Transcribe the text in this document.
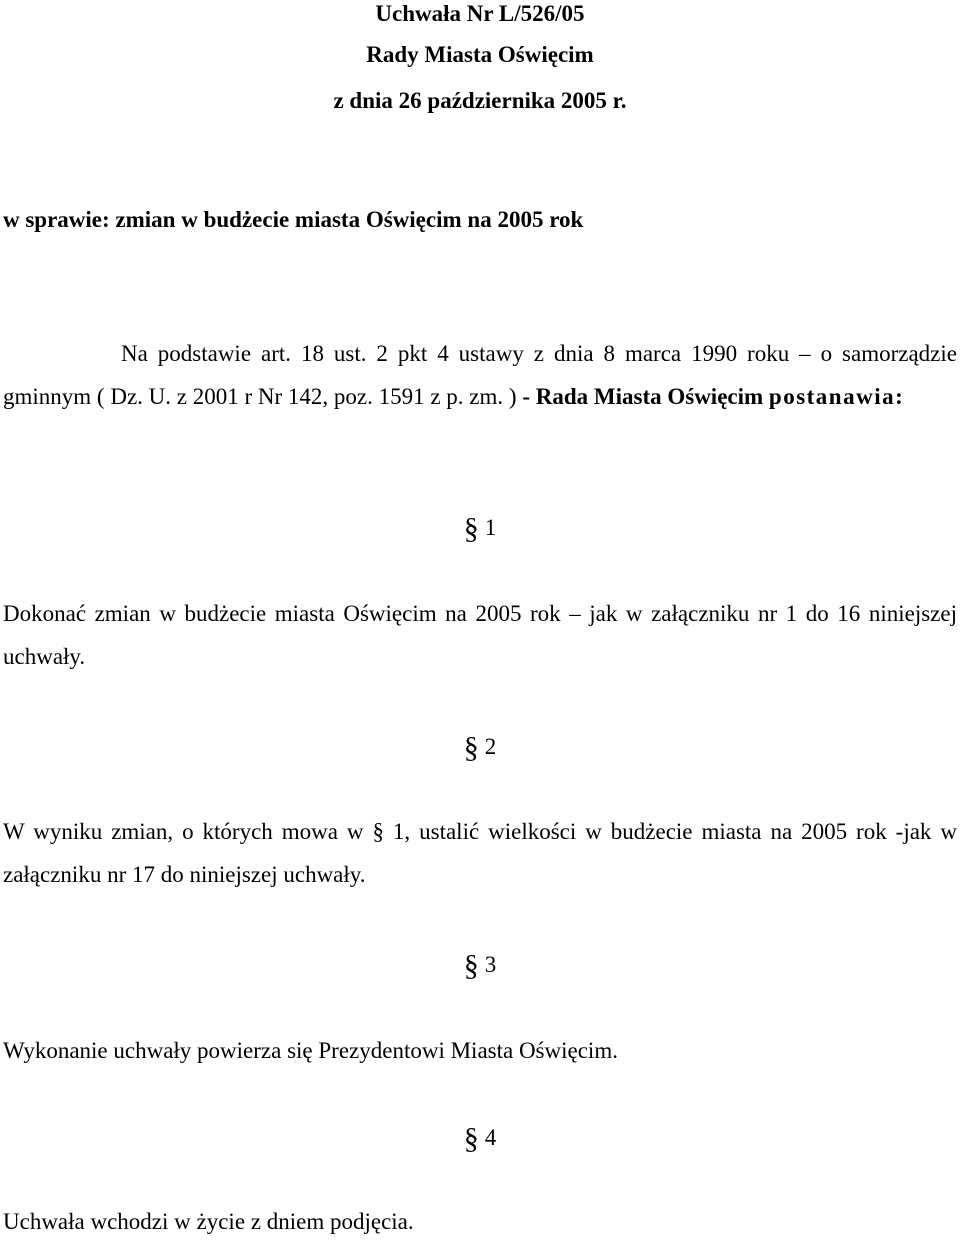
Uchwała Nr L/526/05
Rady Miasta Oświęcim
z dnia 26 października 2005 r.
w sprawie: zmian w budżecie miasta Oświęcim na 2005 rok
Na podstawie art. 18 ust. 2 pkt 4 ustawy z dnia 8 marca 1990 roku – o samorządzie gminnym ( Dz. U. z 2001 r Nr 142, poz. 1591 z p. zm. ) - Rada Miasta Oświęcim postanawia:
§ 1
Dokonać zmian w budżecie miasta Oświęcim na 2005 rok – jak w załączniku nr 1 do 16 niniejszej uchwały.
§ 2
W wyniku zmian, o których mowa w § 1, ustalić wielkości w budżecie miasta na 2005 rok -jak w załączniku nr 17 do niniejszej uchwały.
§ 3
Wykonanie uchwały powierza się Prezydentowi Miasta Oświęcim.
§ 4
Uchwała wchodzi w życie z dniem podjęcia.
